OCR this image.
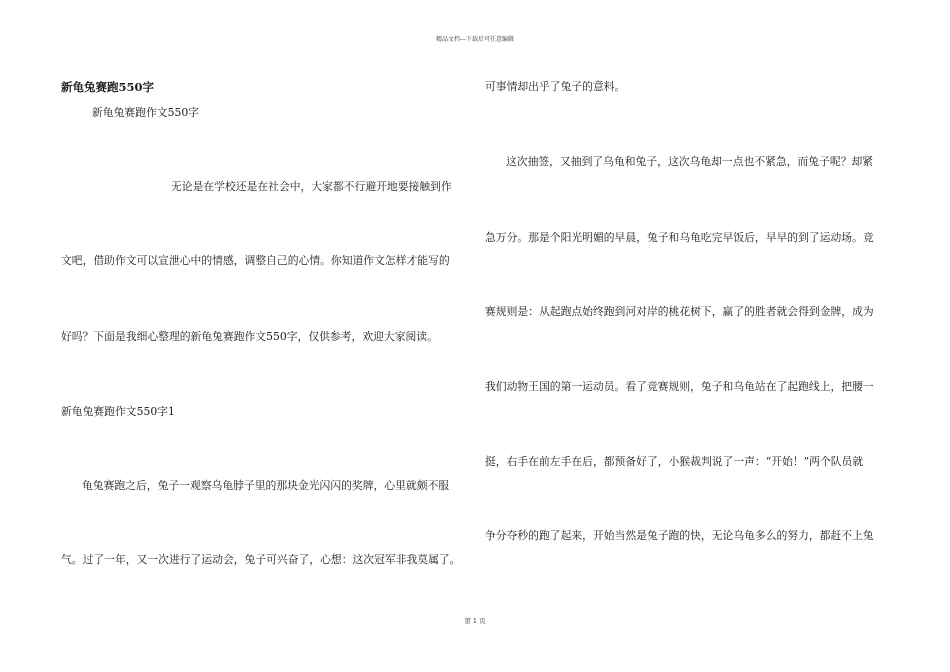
精品文档---下载后可任意编辑
新龟兔赛跑550字
新龟兔赛跑作文550字
无论是在学校还是在社会中，大家都不行避开地要接触到作
文吧，借助作文可以宣泄心中的情感，调整自己的心情。你知道作文怎样才能写的
好吗？下面是我细心整理的新龟兔赛跑作文550字，仅供参考，欢迎大家阅读。
新龟兔赛跑作文550字1
龟兔赛跑之后，兔子一观察乌龟脖子里的那块金光闪闪的奖牌，心里就颇不服
气。过了一年，又一次进行了运动会，兔子可兴奋了，心想：这次冠军非我莫属了。
可事情却出乎了兔子的意料。
这次抽签，又抽到了乌龟和兔子，这次乌龟却一点也不紧急，而兔子呢？却紧
急万分。那是个阳光明媚的早晨，兔子和乌龟吃完早饭后，早早的到了运动场。竞
赛规则是：从起跑点始终跑到河对岸的桃花树下，赢了的胜者就会得到金牌，成为
我们动物王国的第一运动员。看了竞赛规则，兔子和乌龟站在了起跑线上，把腰一
挺，右手在前左手在后，都预备好了，小猴裁判说了一声：“开始！”两个队员就
争分夺秒的跑了起来，开始当然是兔子跑的快，无论乌龟多么的努力，都赶不上兔
第 1 页
